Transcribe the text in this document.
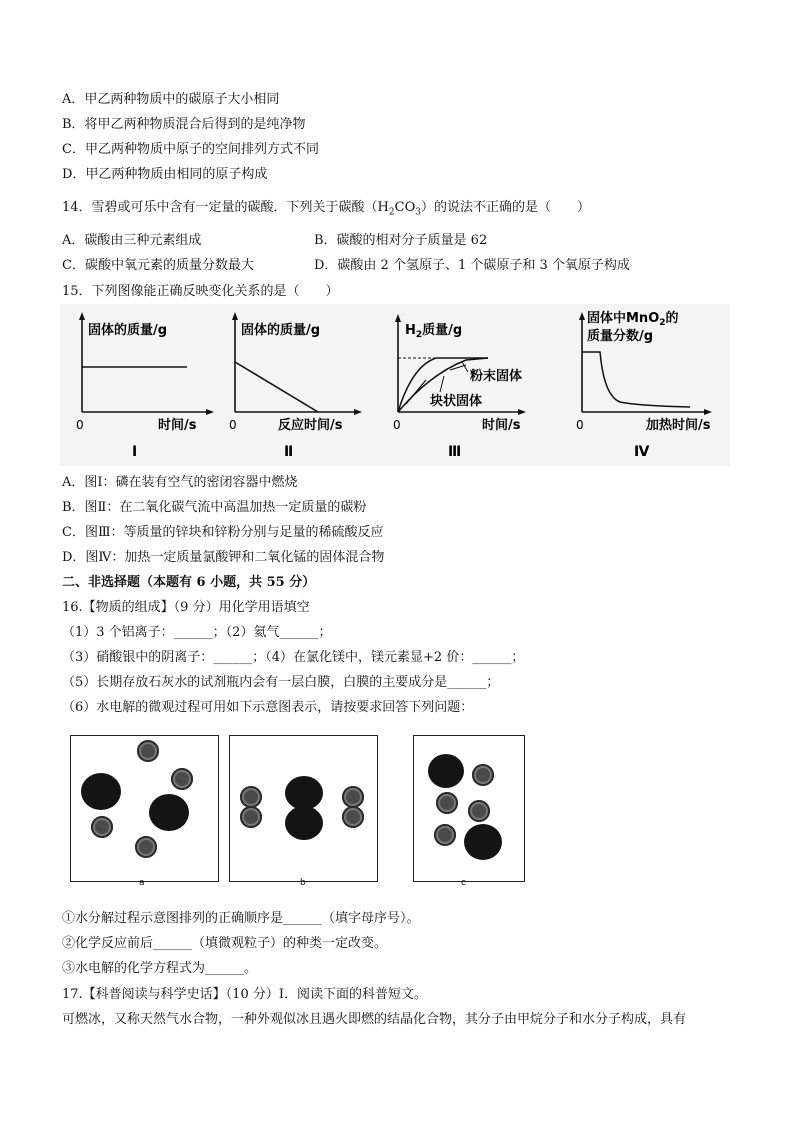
A．甲乙两种物质中的碳原子大小相同
B．将甲乙两种物质混合后得到的是纯净物
C．甲乙两种物质中原子的空间排列方式不同
D．甲乙两种物质由相同的原子构成
14．雪碧或可乐中含有一定量的碳酸．下列关于碳酸$(H_2CO_3)$的说法不正确的是（　　）
A．碳酸由三种元素组成	B．碳酸的相对分子质量是 62
C．碳酸中氧元素的质量分数最大	D．碳酸由 2 个氢原子、1 个碳原子和 3 个氧原子构成
15．下列图像能正确反映变化关系的是（　　）
固体的质量/g
0	时间/s
Ⅰ
固体的质量/g
0	反应时间/s
Ⅱ
$H_2$质量/g
粉末固体
块状固体
0	时间/s
Ⅲ
固体中MnO$_2$的
质量分数/g
0	加热时间/s
Ⅳ
A．图Ⅰ：磷在装有空气的密闭容器中燃烧
B．图Ⅱ：在二氧化碳气流中高温加热一定质量的碳粉
C．图Ⅲ：等质量的锌块和锌粉分别与足量的稀硫酸反应
D．图Ⅳ：加热一定质量氯酸钾和二氧化锰的固体混合物
二、非选择题（本题有 6 小题，共 55 分）
16.【物质的组成】（9 分）用化学用语填空
（1）3 个铝离子：______；（2）氦气______；
（3）硝酸银中的阴离子：______；（4）在氯化镁中，镁元素显+2 价：______；
（5）长期存放石灰水的试剂瓶内会有一层白膜，白膜的主要成分是______；
（6）水电解的微观过程可用如下示意图表示，请按要求回答下列问题：
a	b	c
①水分解过程示意图排列的正确顺序是______（填字母序号）。
②化学反应前后______（填微观粒子）的种类一定改变。
③水电解的化学方程式为______。
17.【科普阅读与科学史话】（10 分）Ⅰ．阅读下面的科普短文。
可燃冰，又称天然气水合物，一种外观似冰且遇火即燃的结晶化合物，其分子由甲烷分子和水分子构成，具有
